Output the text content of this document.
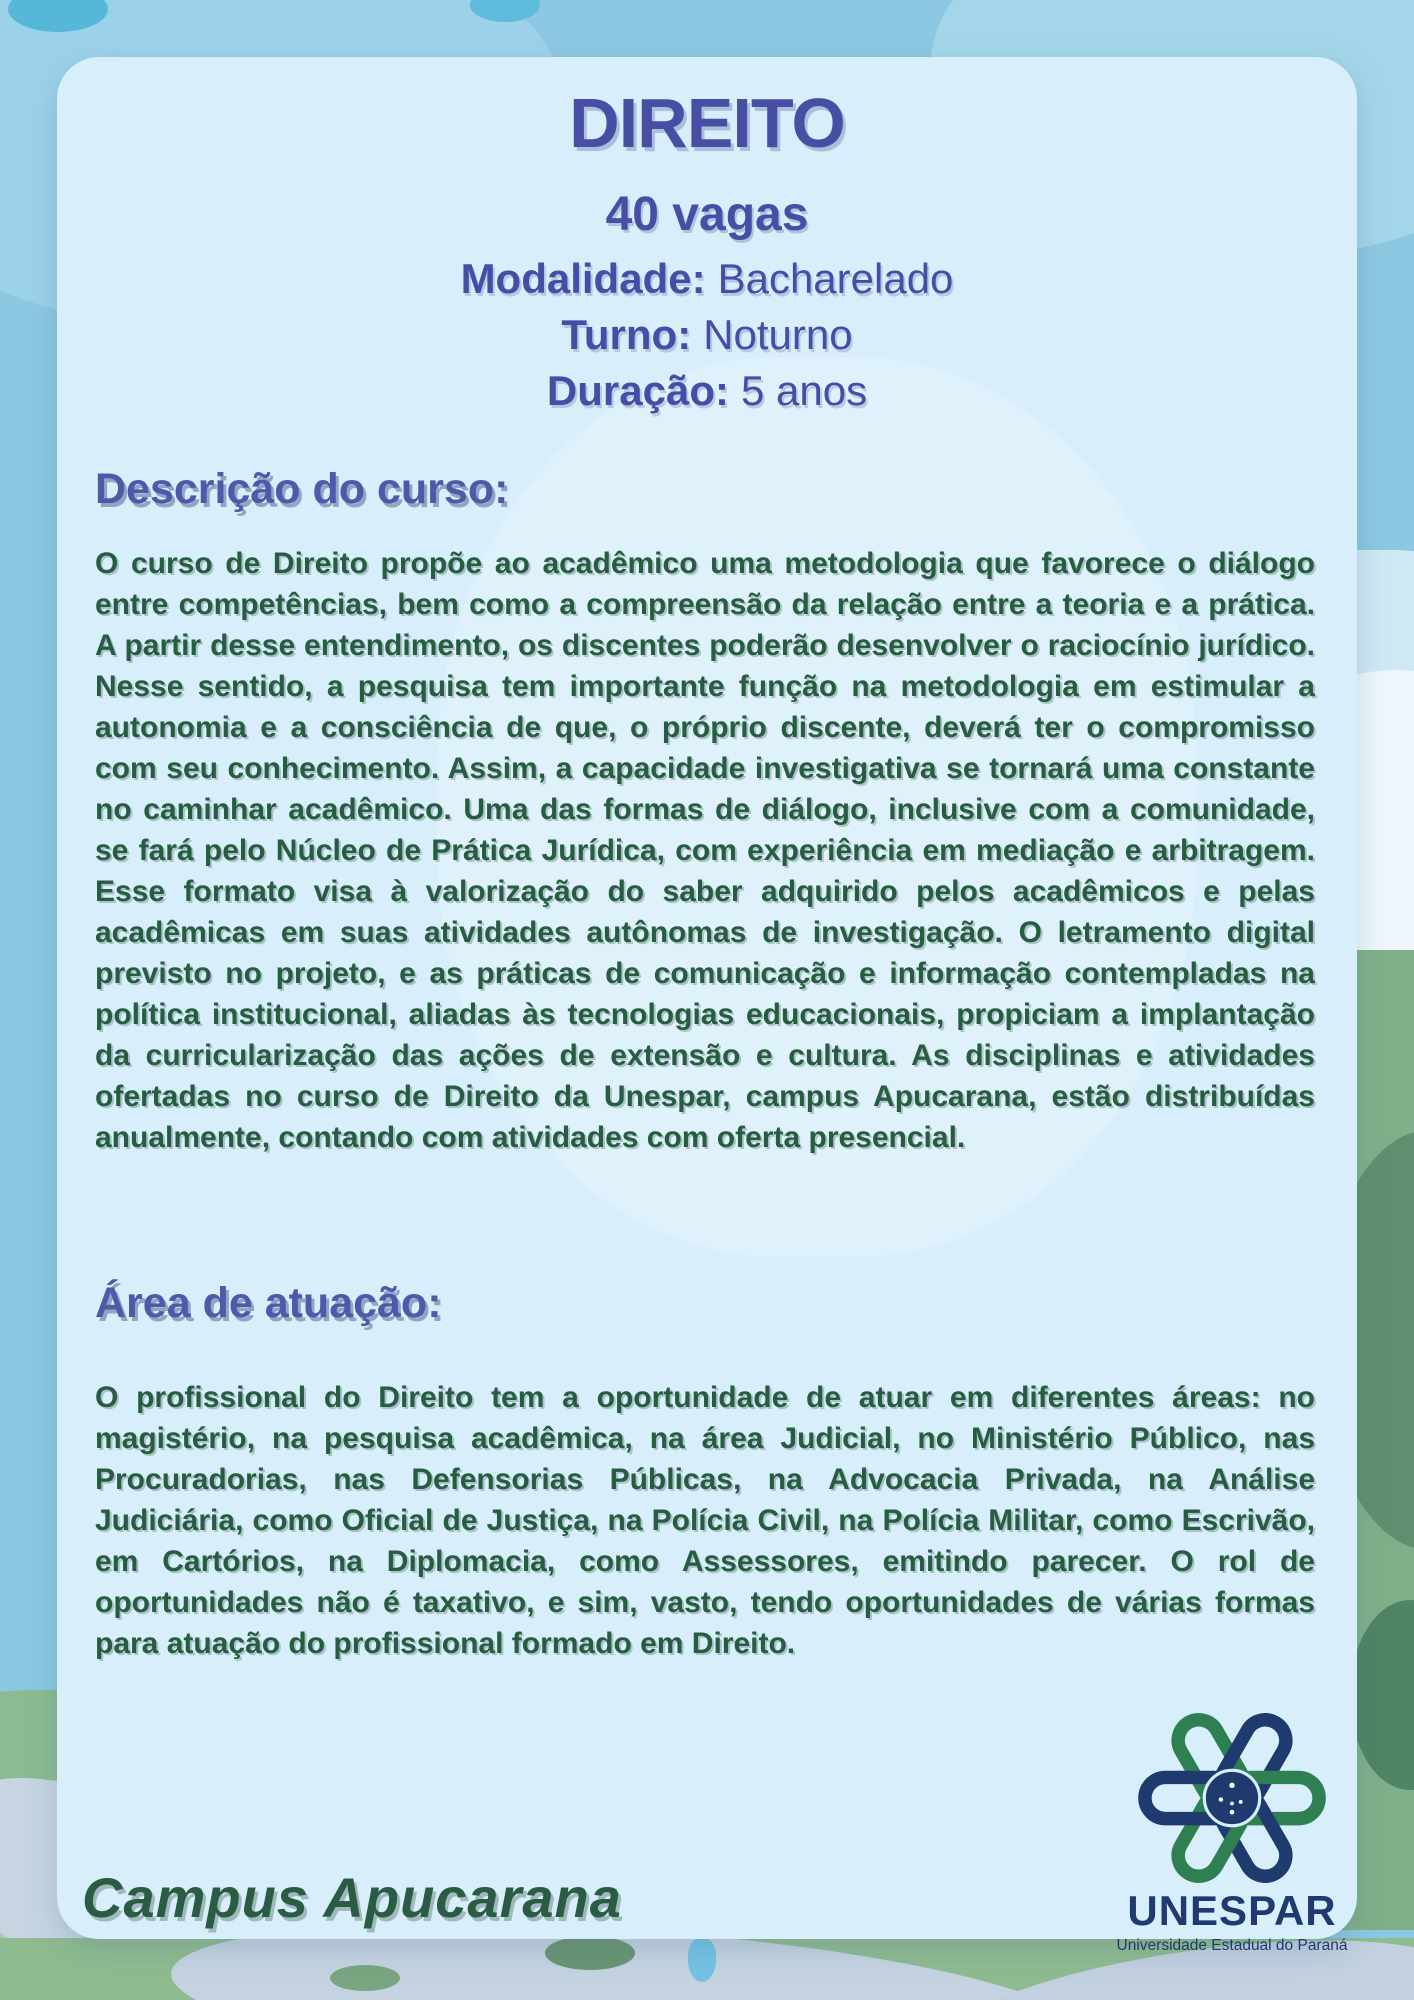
DIREITO
40 vagas
Modalidade: Bacharelado
Turno: Noturno
Duração: 5 anos
Descrição do curso:

O curso de Direito propõe ao acadêmico uma metodologia que favorece o diálogo entre competências, bem como a compreensão da relação entre a teoria e a prática. A partir desse entendimento, os discentes poderão desenvolver o raciocínio jurídico. Nesse sentido, a pesquisa tem importante função na metodologia em estimular a autonomia e a consciência de que, o próprio discente, deverá ter o compromisso com seu conhecimento. Assim, a capacidade investigativa se tornará uma constante no caminhar acadêmico. Uma das formas de diálogo, inclusive com a comunidade, se fará pelo Núcleo de Prática Jurídica, com experiência em mediação e arbitragem. Esse formato visa à valorização do saber adquirido pelos acadêmicos e pelas acadêmicas em suas atividades autônomas de investigação. O letramento digital previsto no projeto, e as práticas de comunicação e informação contempladas na política institucional, aliadas às tecnologias educacionais, propiciam a implantação da curricularização das ações de extensão e cultura. As disciplinas e atividades ofertadas no curso de Direito da Unespar, campus Apucarana, estão distribuídas anualmente, contando com atividades com oferta presencial.

Área de atuação:

O profissional do Direito tem a oportunidade de atuar em diferentes áreas: no magistério, na pesquisa acadêmica, na área Judicial, no Ministério Público, nas Procuradorias, nas Defensorias Públicas, na Advocacia Privada, na Análise Judiciária, como Oficial de Justiça, na Polícia Civil, na Polícia Militar, como Escrivão, em Cartórios, na Diplomacia, como Assessores, emitindo parecer. O rol de oportunidades não é taxativo, e sim, vasto, tendo oportunidades de várias formas para atuação do profissional formado em Direito.

Campus Apucarana	UNESPAR
Universidade Estadual do Paraná
